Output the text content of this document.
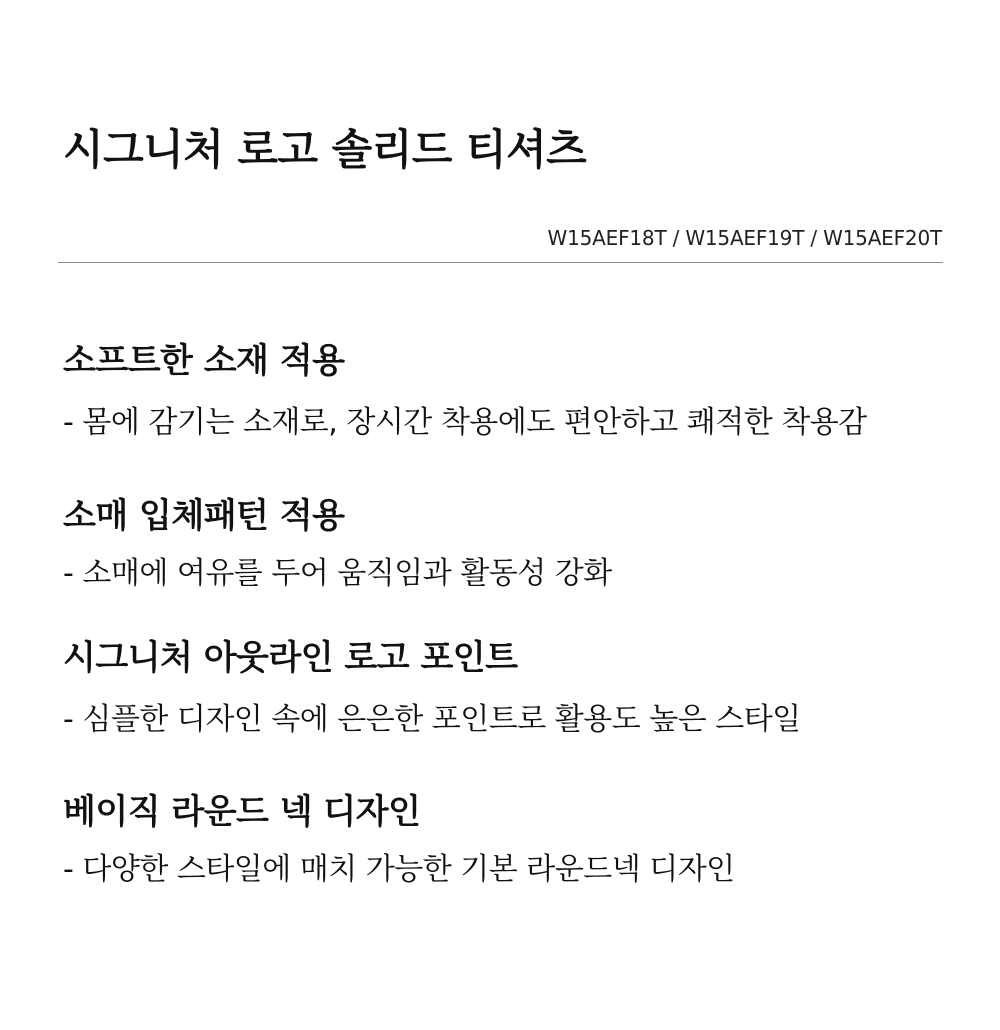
시그니처 로고 솔리드 티셔츠
W15AEF18T / W15AEF19T / W15AEF20T
소프트한 소재 적용

- 몸에 감기는 소재로, 장시간 착용에도 편안하고 쾌적한 착용감

소매 입체패턴 적용

- 소매에 여유를 두어 움직임과 활동성 강화

시그니처 아웃라인 로고 포인트

- 심플한 디자인 속에 은은한 포인트로 활용도 높은 스타일

베이직 라운드 넥 디자인

- 다양한 스타일에 매치 가능한 기본 라운드넥 디자인
